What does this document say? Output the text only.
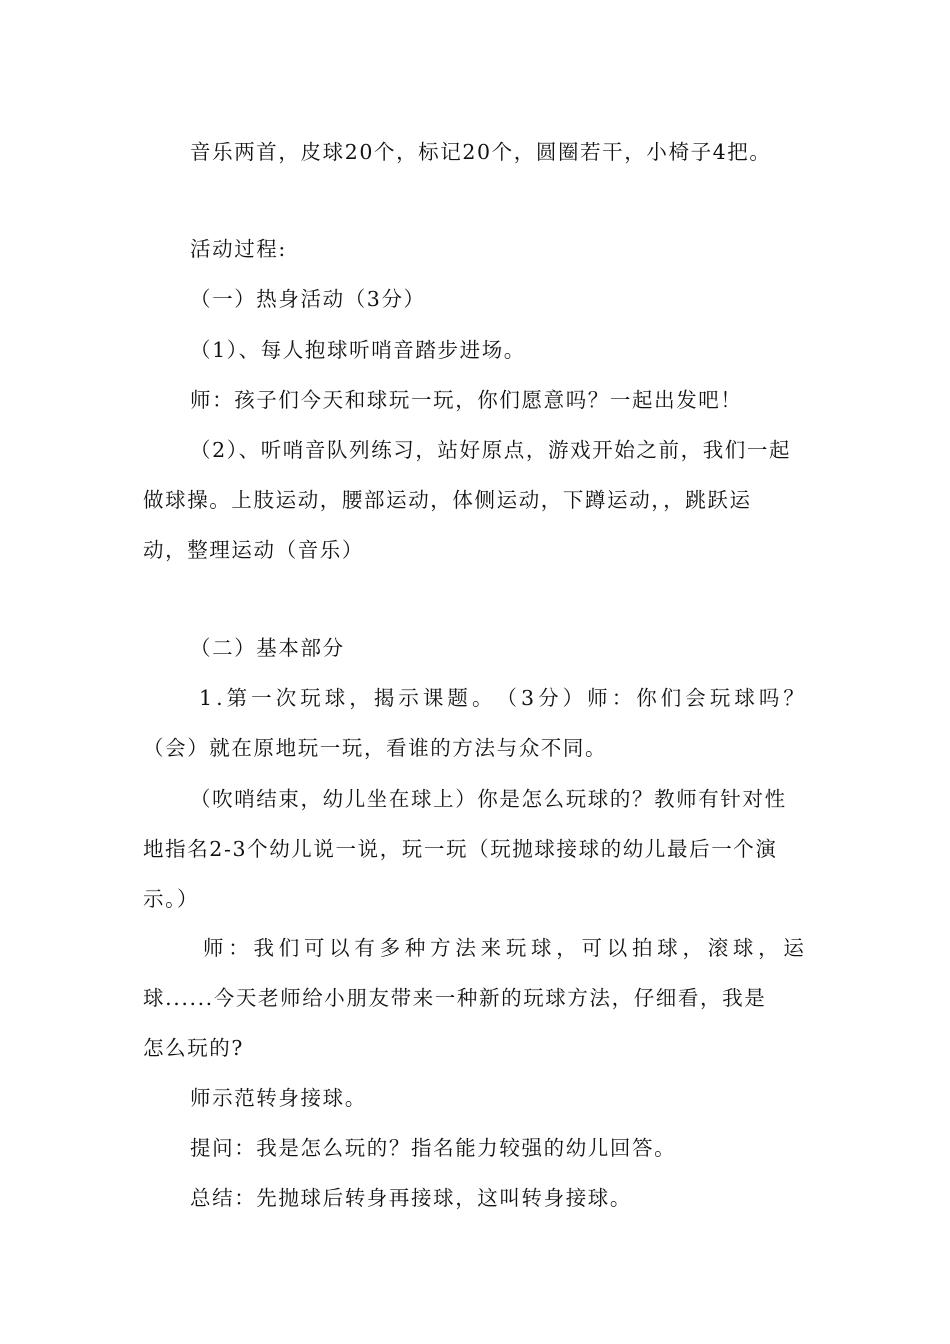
音乐两首，皮球20个，标记20个，圆圈若干，小椅子4把。
活动过程:
（一）热身活动（3分）
（1）、每人抱球听哨音踏步进场。
师：孩子们今天和球玩一玩，你们愿意吗？一起出发吧！
（2）、听哨音队列练习，站好原点，游戏开始之前，我们一起
做球操。上肢运动，腰部运动，体侧运动，下蹲运动，，跳跃运
动，整理运动（音乐）
（二）基本部分
1 . 第 一 次 玩 球 ， 揭 示 课 题 。 （ 3 分 ） 师 ： 你 们 会 玩 球 吗 ？
（会）就在原地玩一玩，看谁的方法与众不同。
（吹哨结束，幼儿坐在球上）你是怎么玩球的？教师有针对性
地指名2-3个幼儿说一说，玩一玩（玩抛球接球的幼儿最后一个演
示。）
师 ： 我 们 可 以 有 多 种 方 法 来 玩 球 ， 可 以 拍 球 ， 滚 球 ， 运
球......今天老师给小朋友带来一种新的玩球方法，仔细看，我是
怎么玩的?
师示范转身接球。
提问：我是怎么玩的？指名能力较强的幼儿回答。
总结：先抛球后转身再接球，这叫转身接球。
